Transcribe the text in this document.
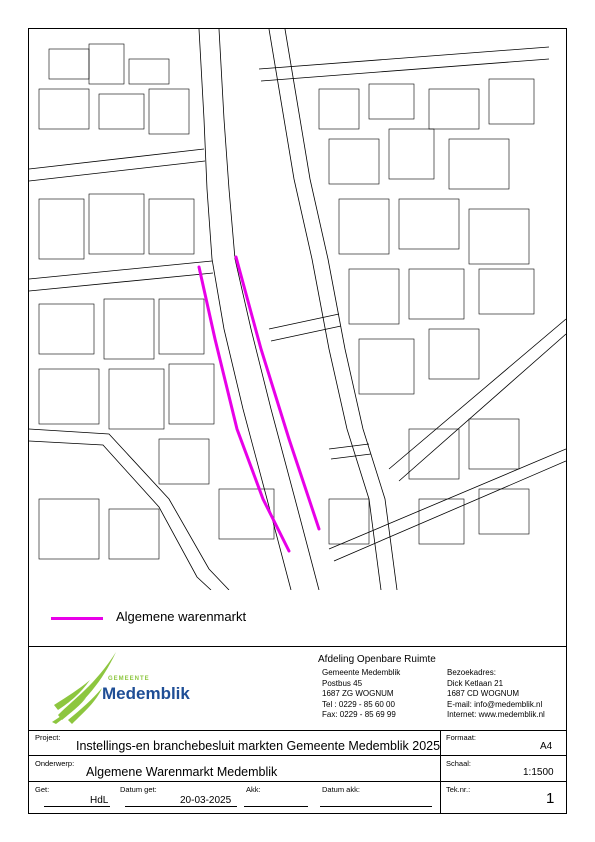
Algemene warenmarkt
GEMEENTE
Medemblik
Afdeling Openbare Ruimte
Gemeente Medemblik
Postbus 45
1687 ZG WOGNUM
Tel : 0229 - 85 60 00
Fax: 0229 - 85 69 99
Bezoekadres:
Dick Ketlaan 21
1687 CD WOGNUM
E-mail: info@medemblik.nl
Internet: www.medemblik.nl
Project:
Instellings-en branchebesluit markten Gemeente Medemblik 2025
Formaat:
A4
Onderwerp:
Algemene Warenmarkt Medemblik
Schaal:
1:1500
Get:
HdL
Datum get:
20-03-2025
Akk:	Datum akk:	Tek.nr.:
1
